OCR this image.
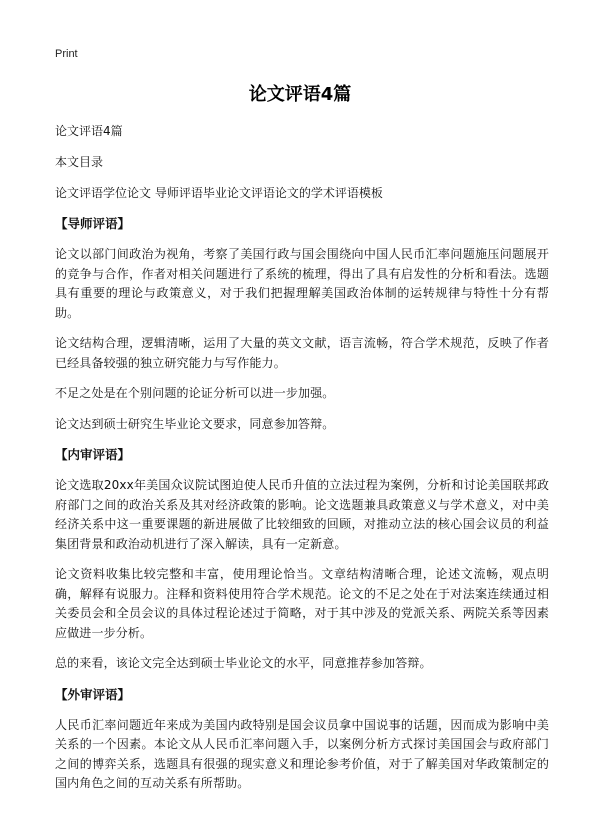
Print
论文评语4篇

论文评语4篇

本文目录

论文评语学位论文 导师评语毕业论文评语论文的学术评语模板

【导师评语】

论文以部门间政治为视角，考察了美国行政与国会围绕向中国人民币汇率问题施压问题展开的竞争与合作，作者对相关问题进行了系统的梳理，得出了具有启发性的分析和看法。选题具有重要的理论与政策意义，对于我们把握理解美国政治体制的运转规律与特性十分有帮助。

论文结构合理，逻辑清晰，运用了大量的英文文献，语言流畅，符合学术规范，反映了作者已经具备较强的独立研究能力与写作能力。

不足之处是在个别问题的论证分析可以进一步加强。

论文达到硕士研究生毕业论文要求，同意参加答辩。

【内审评语】

论文选取20xx年美国众议院试图迫使人民币升值的立法过程为案例，分析和讨论美国联邦政府部门之间的政治关系及其对经济政策的影响。论文选题兼具政策意义与学术意义，对中美经济关系中这一重要课题的新进展做了比较细致的回顾，对推动立法的核心国会议员的利益集团背景和政治动机进行了深入解读，具有一定新意。

论文资料收集比较完整和丰富，使用理论恰当。文章结构清晰合理，论述文流畅，观点明确，解释有说服力。注释和资料使用符合学术规范。论文的不足之处在于对法案连续通过相关委员会和全员会议的具体过程论述过于简略，对于其中涉及的党派关系、两院关系等因素应做进一步分析。

总的来看，该论文完全达到硕士毕业论文的水平，同意推荐参加答辩。

【外审评语】

人民币汇率问题近年来成为美国内政特别是国会议员拿中国说事的话题，因而成为影响中美关系的一个因素。本论文从人民币汇率问题入手，以案例分析方式探讨美国国会与政府部门之间的博弈关系，选题具有很强的现实意义和理论参考价值，对于了解美国对华政策制定的国内角色之间的互动关系有所帮助。
